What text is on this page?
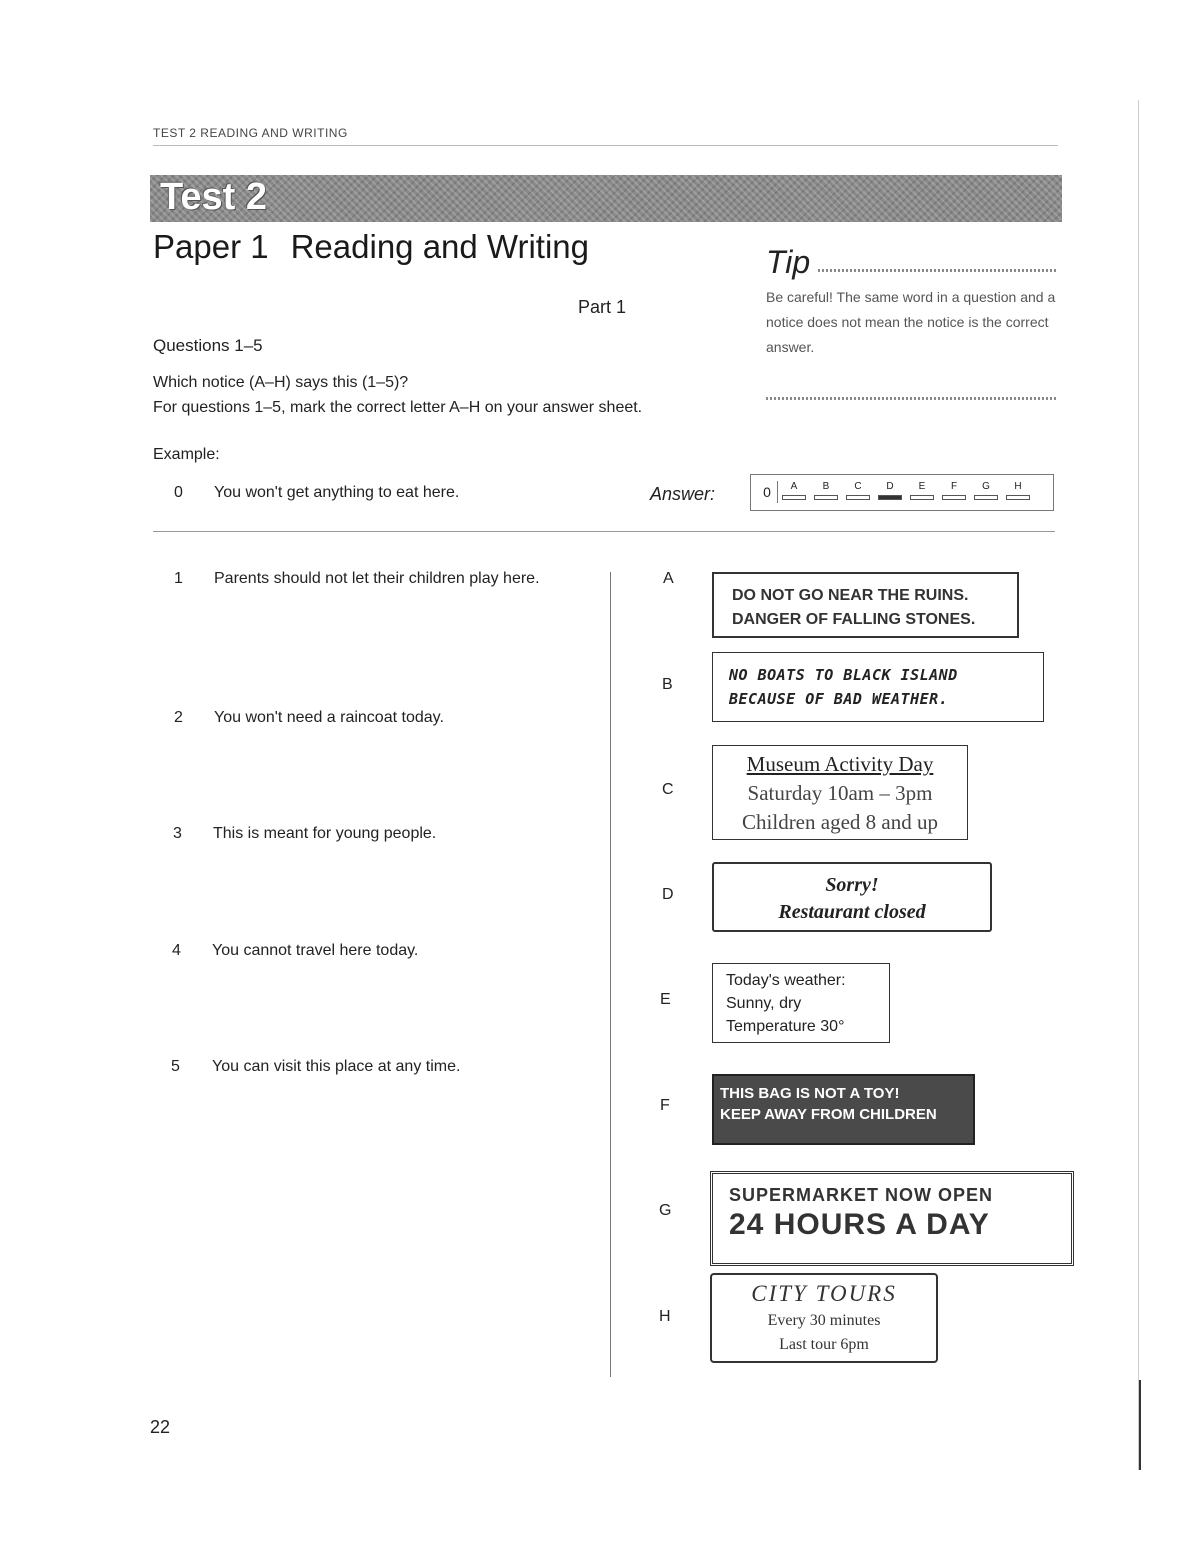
TEST 2 READING AND WRITING
Test 2
Paper 1 Reading and Writing
Part 1
Questions 1–5
Which notice (A–H) says this (1–5)?
For questions 1–5, mark the correct letter A–H on your answer sheet.
Tip
Be careful! The same word in a question and a notice does not mean the notice is the correct answer.
Example:
0	You won't get anything to eat here.	Answer:	0	A	B	C	D	E	F	G	H
1	Parents should not let their children play here.
2	You won't need a raincoat today.
3	This is meant for young people.
4	You cannot travel here today.
5	You can visit this place at any time.
A
DO NOT GO NEAR THE RUINS.
DANGER OF FALLING STONES.
B
NO BOATS TO BLACK ISLAND
BECAUSE OF BAD WEATHER.
C
Museum Activity Day
Saturday 10am – 3pm
Children aged 8 and up
D	Sorry!
Restaurant closed
E
Today's weather:
Sunny, dry
Temperature 30°
F
THIS BAG IS NOT A TOY!
KEEP AWAY FROM CHILDREN
G
SUPERMARKET NOW OPEN
24 HOURS A DAY
H
CITY TOURS
Every 30 minutes
Last tour 6pm
22
